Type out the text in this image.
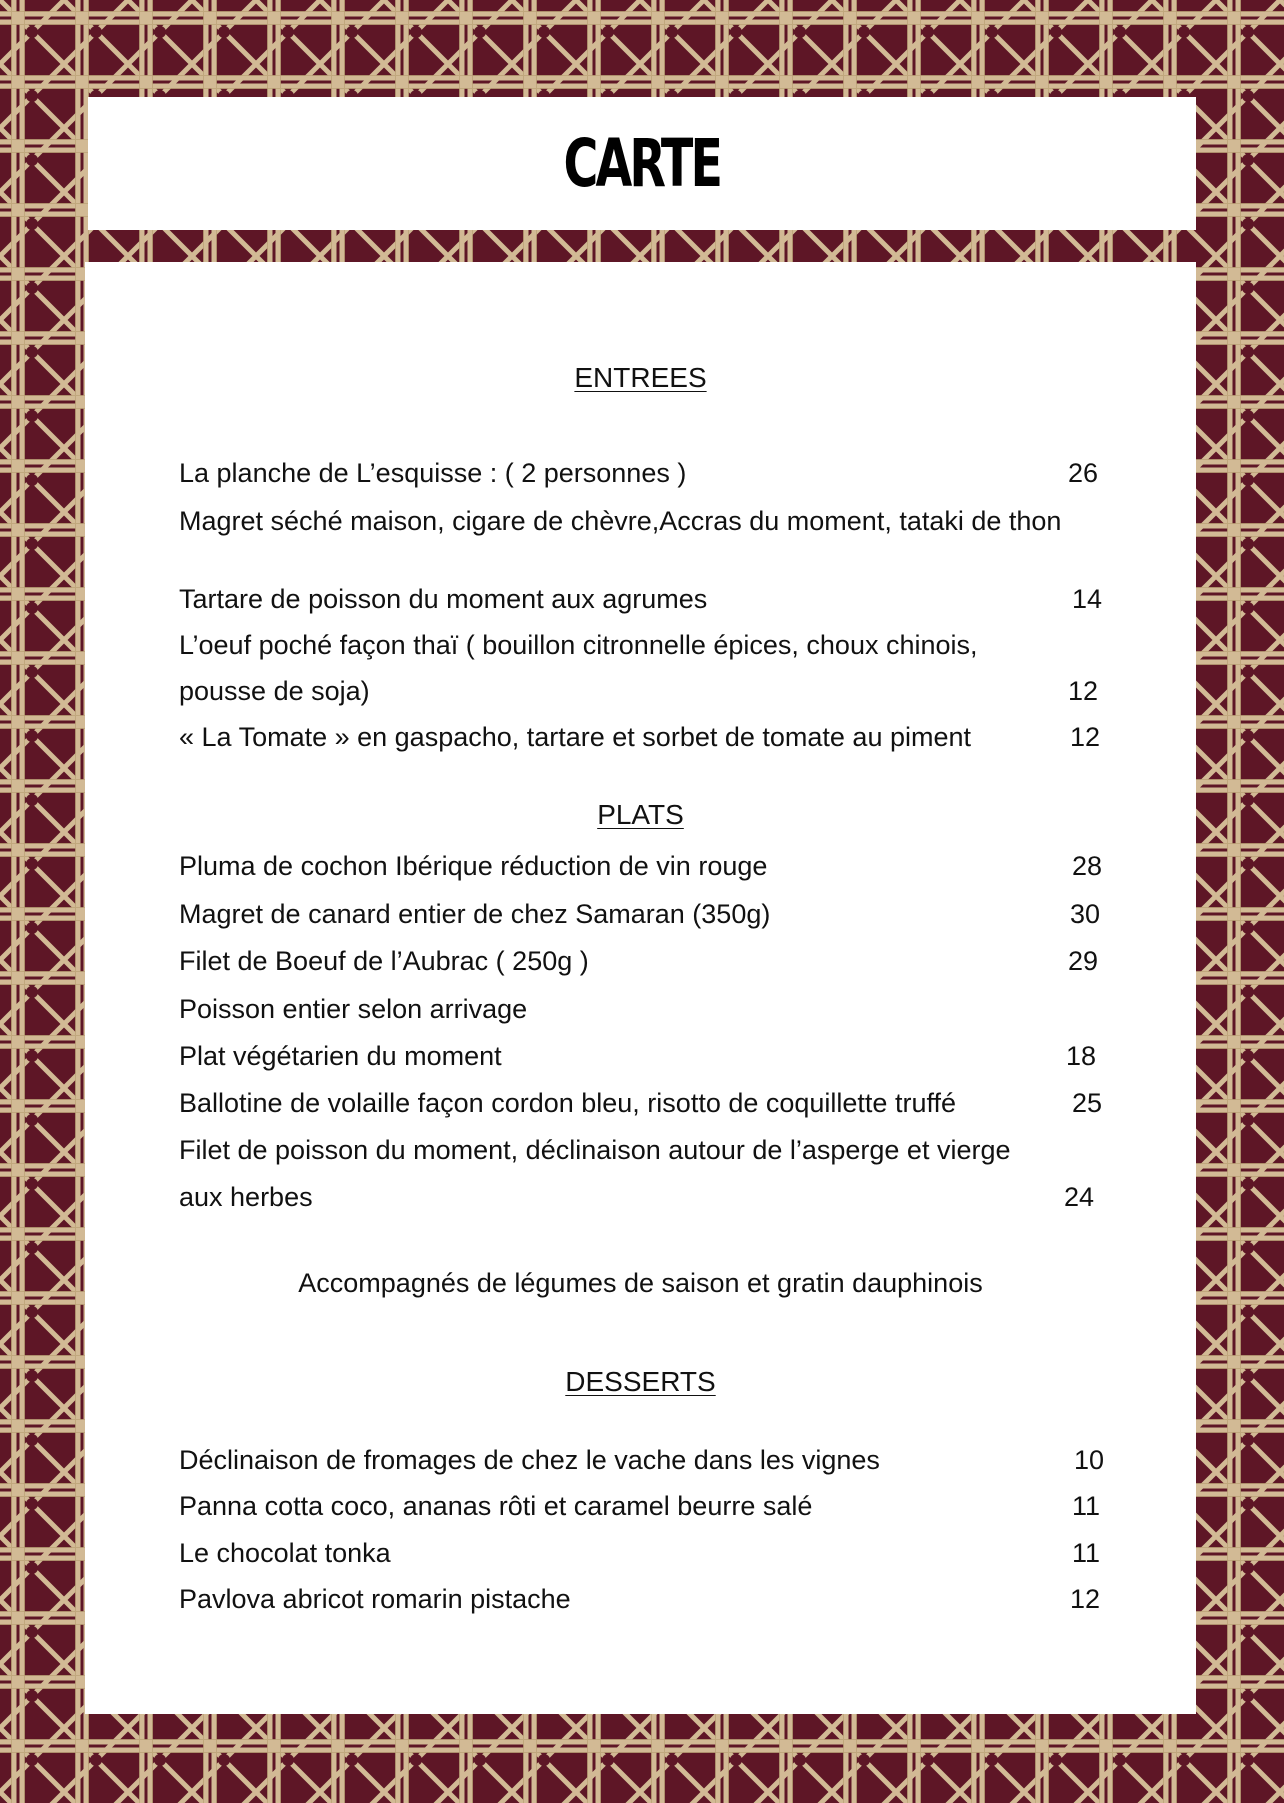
CARTE
ENTREES
La planche de L’esquisse : ( 2 personnes )	26
Magret séché maison, cigare de chèvre,Accras du moment, tataki de thon
Tartare de poisson du moment aux agrumes	14
L’oeuf poché façon thaï ( bouillon citronnelle épices, choux chinois,
pousse de soja)	12
« La Tomate » en gaspacho, tartare et sorbet de tomate au piment	12
PLATS
Pluma de cochon Ibérique réduction de vin rouge	28
Magret de canard entier de chez Samaran (350g)	30
Filet de Boeuf de l’Aubrac ( 250g )	29
Poisson entier selon arrivage
Plat végétarien du moment	18
Ballotine de volaille façon cordon bleu, risotto de coquillette truffé	25
Filet de poisson du moment, déclinaison autour de l’asperge et vierge
aux herbes	24
Accompagnés de légumes de saison et gratin dauphinois
DESSERTS
Déclinaison de fromages de chez le vache dans les vignes	10
Panna cotta coco, ananas rôti et caramel beurre salé	11
Le chocolat tonka	11
Pavlova abricot romarin pistache	12
